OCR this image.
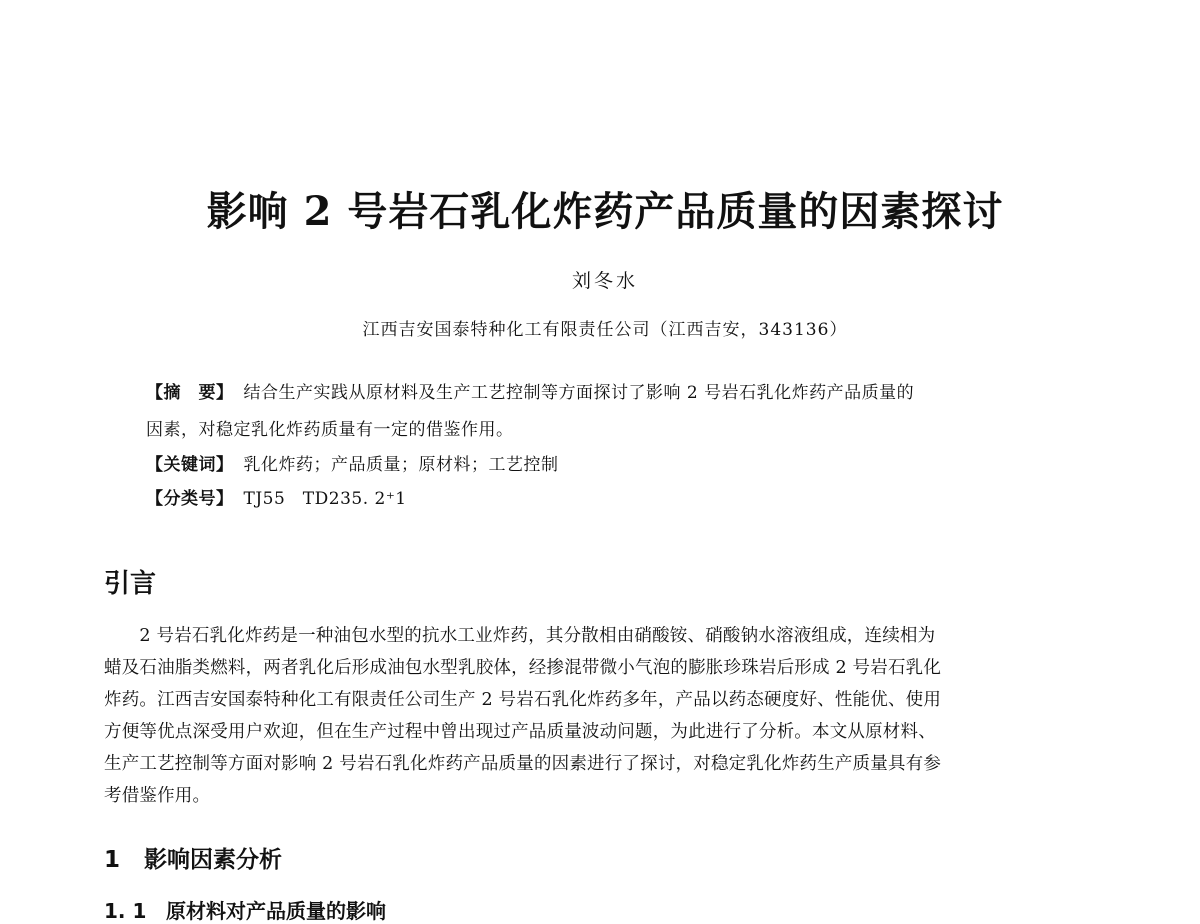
影响 2 号岩石乳化炸药产品质量的因素探讨
刘冬水
江西吉安国泰特种化工有限责任公司（江西吉安，343136）
【摘　要】 结合生产实践从原材料及生产工艺控制等方面探讨了影响 2 号岩石乳化炸药产品质量的
因素，对稳定乳化炸药质量有一定的借鉴作用。
【关键词】 乳化炸药；产品质量；原材料；工艺控制
【分类号】 TJ55　TD235. 2⁺1
引言
　　2 号岩石乳化炸药是一种油包水型的抗水工业炸药，其分散相由硝酸铵、硝酸钠水溶液组成，连续相为
蜡及石油脂类燃料，两者乳化后形成油包水型乳胶体，经掺混带微小气泡的膨胀珍珠岩后形成 2 号岩石乳化
炸药。江西吉安国泰特种化工有限责任公司生产 2 号岩石乳化炸药多年，产品以药态硬度好、性能优、使用
方便等优点深受用户欢迎，但在生产过程中曾出现过产品质量波动问题，为此进行了分析。本文从原材料、
生产工艺控制等方面对影响 2 号岩石乳化炸药产品质量的因素进行了探讨，对稳定乳化炸药生产质量具有参
考借鉴作用。
1 影响因素分析
1. 1 原材料对产品质量的影响
